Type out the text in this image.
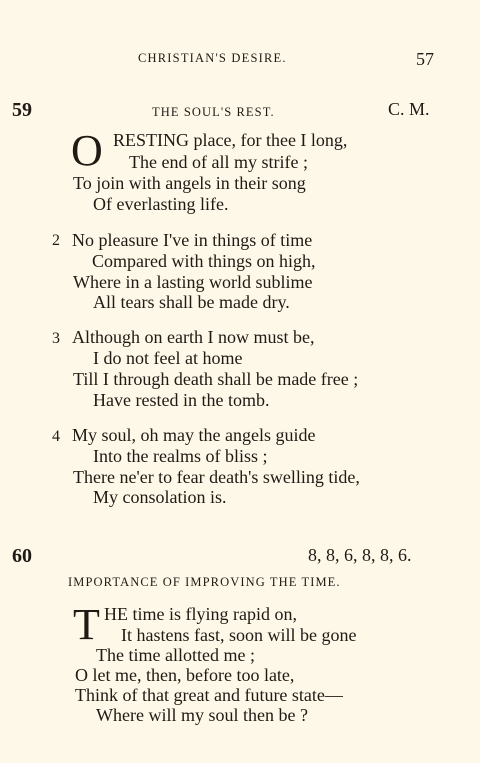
CHRISTIAN'S DESIRE.	57
59	THE SOUL'S REST.	C. M.
O RESTING place, for thee I long,
The end of all my strife ;
To join with angels in their song
Of everlasting life.
2 No pleasure I've in things of time
Compared with things on high,
Where in a lasting world sublime
All tears shall be made dry.
3 Although on earth I now must be,
I do not feel at home
Till I through death shall be made free ;
Have rested in the tomb.
4 My soul, oh may the angels guide
Into the realms of bliss ;
There ne'er to fear death's swelling tide,
My consolation is.
60	8, 8, 6, 8, 8, 6.
IMPORTANCE OF IMPROVING THE TIME.
T HE time is flying rapid on,
It hastens fast, soon will be gone
The time allotted me ;
O let me, then, before too late,
Think of that great and future state—
Where will my soul then be ?
